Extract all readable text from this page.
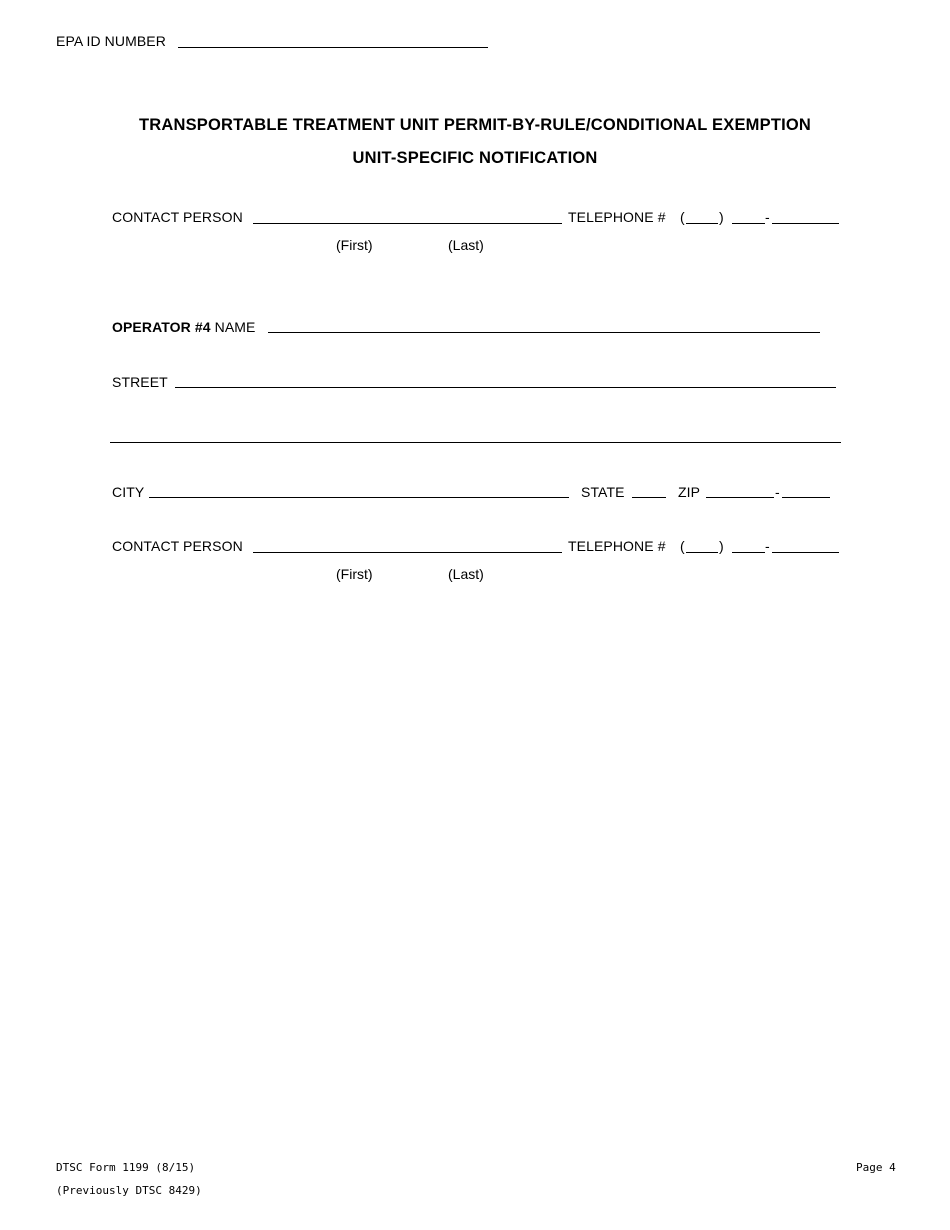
EPA ID NUMBER
TRANSPORTABLE TREATMENT UNIT PERMIT-BY-RULE/CONDITIONAL EXEMPTION
UNIT-SPECIFIC NOTIFICATION
CONTACT PERSON	TELEPHONE # ( )	-
(First)	(Last)
OPERATOR #4 NAME
STREET
CITY	STATE	ZIP	-
CONTACT PERSON	TELEPHONE # ( )	-
(First)	(Last)
DTSC Form 1199 (8/15)
(Previously DTSC 8429)
Page 4
